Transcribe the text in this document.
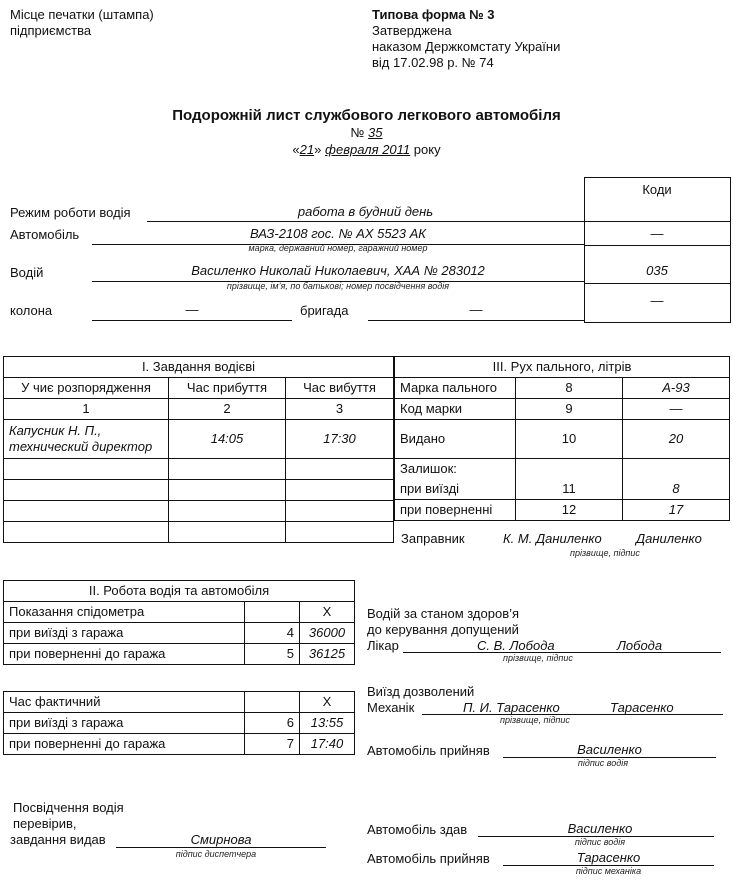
Місце печатки (штампа)
підприємства
Типова форма № 3
Затверджена
наказом Держкомстату України
від 17.02.98 р. № 74
Подорожній лист службового легкового автомобіля
№ 35
«21» февраля 2011 року
Коди
Режим роботи водія	работа в будний день
Автомобіль	ВАЗ-2108 гос. № АХ 5523 АК
марка, державний номер, гаражний номер
—
Водій	Василенко Николай Николаевич, ХАА № 283012
прізвище, ім’я, по батькові; номер посвідчення водія
035
колона	—	бригада	—
—
І. Завдання водієві		
У чиє розпорядження	Час прибуття	Час вибуття
1	2	3

Капусник Н. П.,
технический директор	14:05	17:30

ІІІ. Рух пального, літрів		
Марка пального	8	А-93
Код марки	9	—
Видано	10	20
Залишок:		
при виїзді	11	8
при поверненні	12	17
Заправник	К. М. Даниленко	Даниленко
прізвище, підпис
ІІ. Робота водія та автомобіля		
Показання спідометра		Х
при виїзді з гаража	4	36000
при поверненні до гаража	5	36125
Час фактичний		Х
при виїзді з гаража	6	13:55
при поверненні до гаража	7	17:40
Водій за станом здоров’я
до керування допущений
Лікар	С. В. Лобода	Лобода
прізвище, підпис
Виїзд дозволений
Механік	П. И. Тарасенко	Тарасенко
прізвище, підпис
Автомобіль прийняв	Василенко
підпис водія
Посвідчення водія
перевірив,
завдання видав	Смирнова
підпис диспетчера
Автомобіль здав	Василенко
підпис водія
Автомобіль прийняв	Тарасенко
підпис механіка
